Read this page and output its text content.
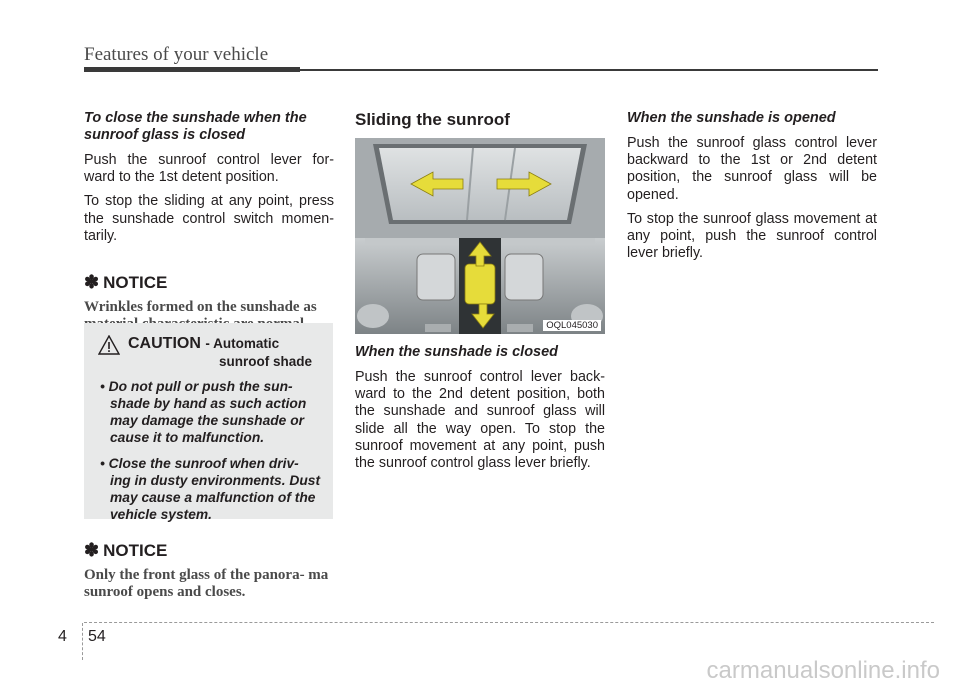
Features of your vehicle
To close the sunshade when the sunroof glass is closed

Push the sunroof control lever for- ward to the 1st detent position.

To stop the sliding at any point, press the sunshade control switch momen- tarily.

✽ NOTICE

Wrinkles formed on the sunshade as

CAUTION - Automatic
sunroof shade
• Do not pull or push the sun- shade by hand as such action may damage the sunshade or cause it to malfunction.
• Close the sunroof when driv- ing in dusty environments. Dust may cause a malfunction of the vehicle system.
✽ NOTICE

Only the front glass of the panora- ma sunroof opens and closes.

Sliding the sunroof
OQL045030
When the sunshade is closed

Push the sunroof control lever back- ward to the 2nd detent position, both the sunshade and sunroof glass will slide all the way open. To stop the sunroof movement at any point, push the sunroof control glass lever briefly.

When the sunshade is opened

Push the sunroof glass control lever backward to the 1st or 2nd detent position, the sunroof glass will be opened.

To stop the sunroof glass movement at any point, push the sunroof control lever briefly.

4 54
carmanualsonline.info
